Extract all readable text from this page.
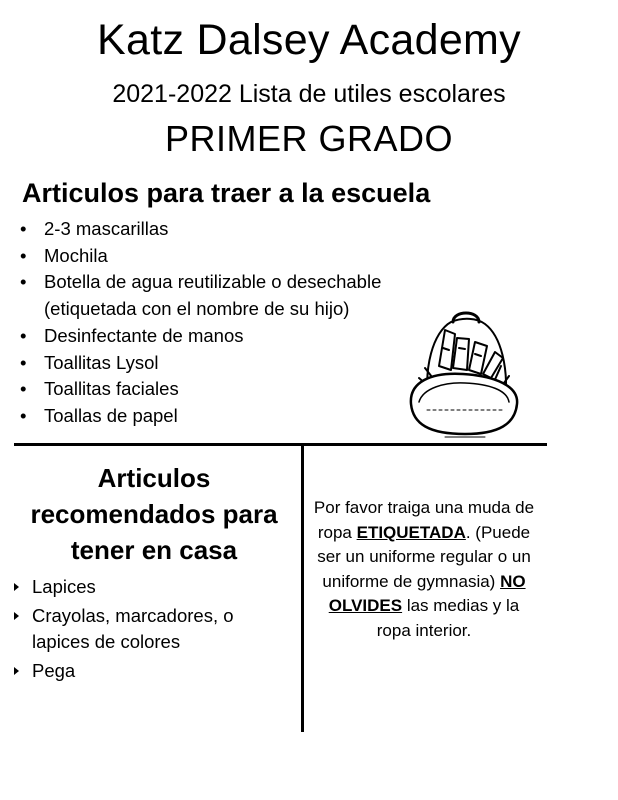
Katz Dalsey Academy
2021-2022 Lista de utiles escolares
PRIMER GRADO
Articulos para traer a la escuela
• 2-3 mascarillas
• Mochila
• Botella de agua reutilizable o desechable (etiquetada con el nombre de su hijo)
• Desinfectante de manos
• Toallitas Lysol
• Toallitas faciales
• Toallas de papel
Articulos recomendados para tener en casa
Lapices
Crayolas, marcadores, o lapices de colores
Pega
Por favor traiga una muda de ropa ETIQUETADA. (Puede ser un uniforme regular o un uniforme de gymnasia) NO OLVIDES las medias y la ropa interior.
